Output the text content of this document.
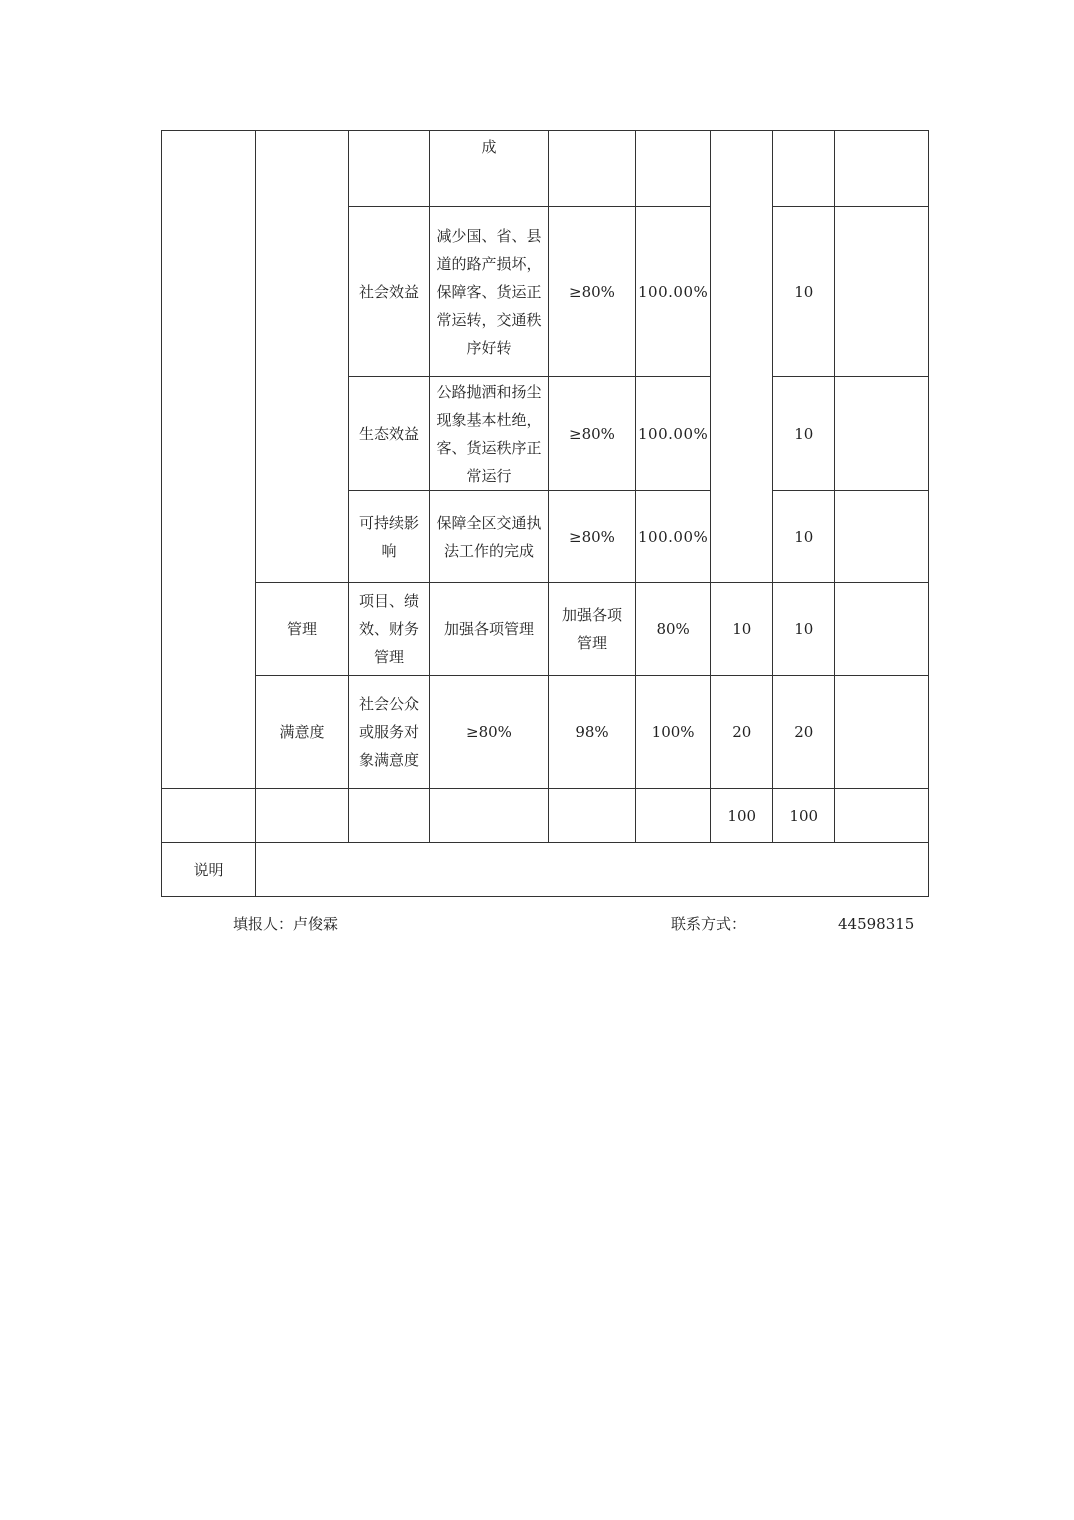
			成					
		社会效益	减少国、省、县道的路产损坏，保障客、货运正常运转，交通秩序好转	≥80%	100.00%		10	
		生态效益	公路抛洒和扬尘现象基本杜绝，客、货运秩序正常运行	≥80%	100.00%		10	
		可持续影响	保障全区交通执法工作的完成	≥80%	100.00%		10	
	管理	项目、绩效、财务管理	加强各项管理	加强各项管理	80%	10	10	
	满意度	社会公众或服务对象满意度	≥80%	98%	100%	20	20	
						100	100	
说明								
填报人：卢俊霖	联系方式：	44598315
